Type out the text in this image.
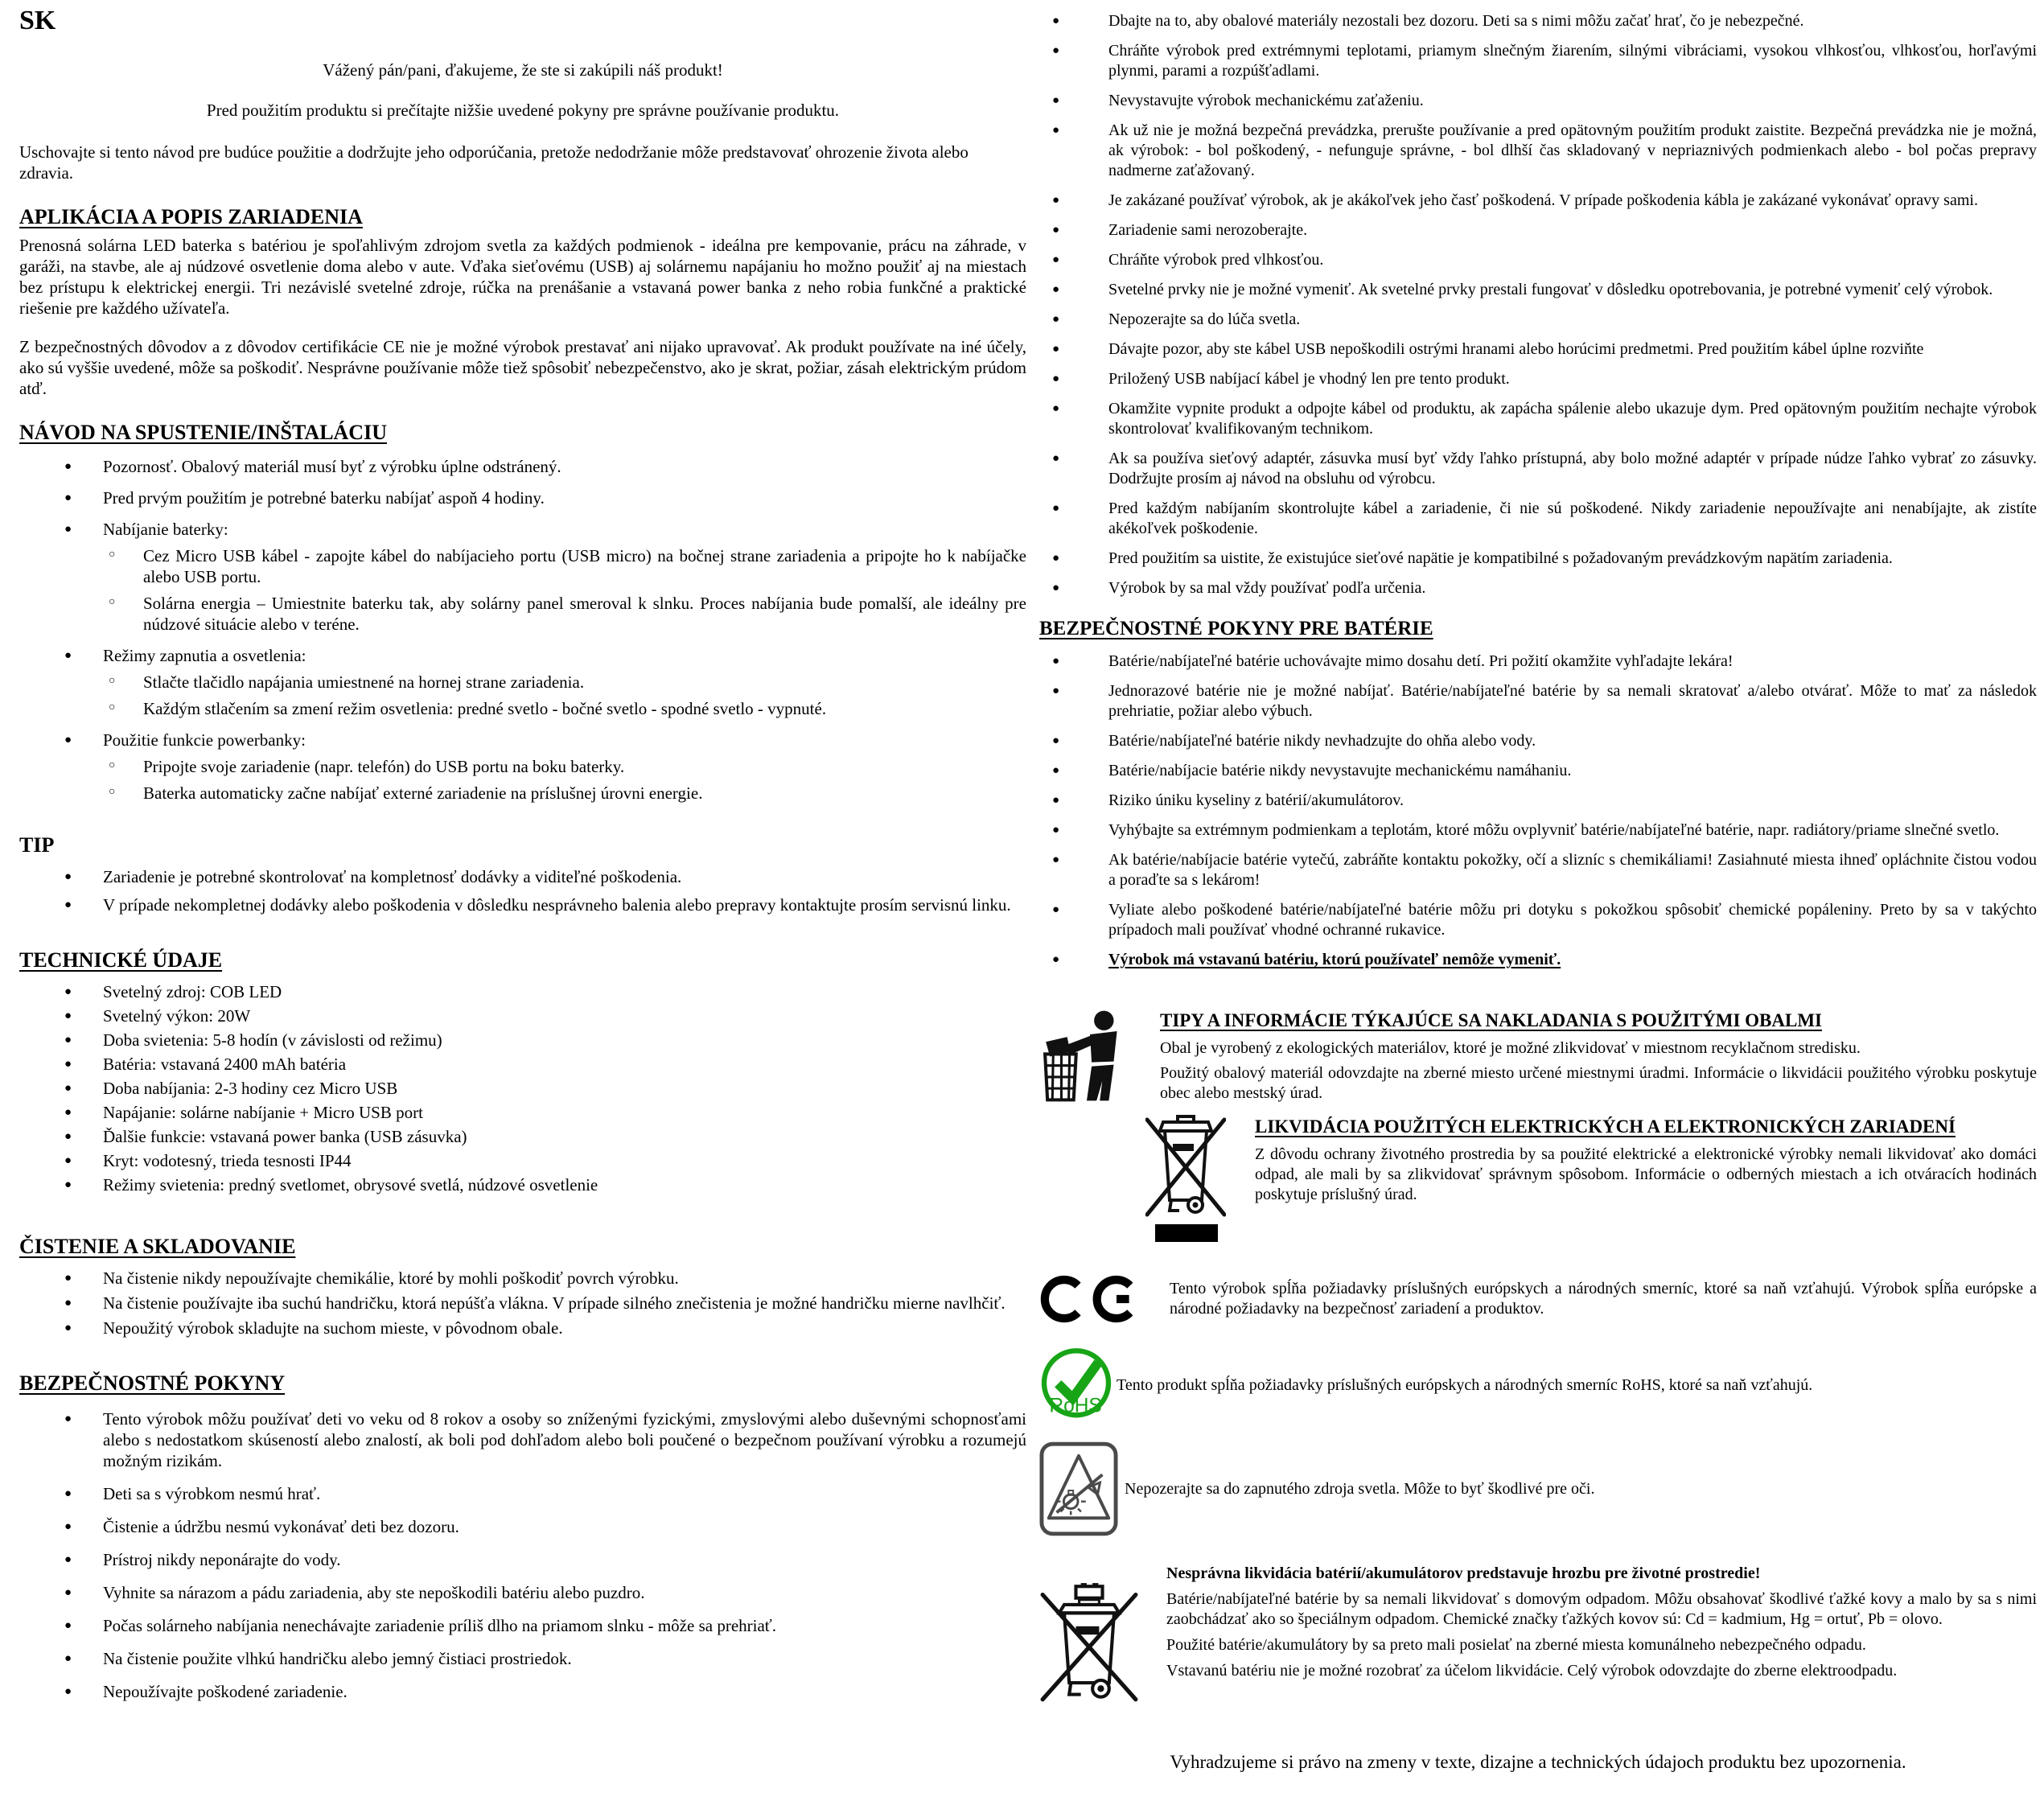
SK

Vážený pán/pani, ďakujeme, že ste si zakúpili náš produkt!

Pred použitím produktu si prečítajte nižšie uvedené pokyny pre správne používanie produktu.

Uschovajte si tento návod pre budúce použitie a dodržujte jeho odporúčania, pretože nedodržanie môže predstavovať ohrozenie života alebo zdravia.

APLIKÁCIA A POPIS ZARIADENIA

Prenosná solárna LED baterka s batériou je spoľahlivým zdrojom svetla za každých podmienok - ideálna pre kempovanie, prácu na záhrade, v garáži, na stavbe, ale aj núdzové osvetlenie doma alebo v aute. Vďaka sieťovému (USB) aj solárnemu napájaniu ho možno použiť aj na miestach bez prístupu k elektrickej energii. Tri nezávislé svetelné zdroje, rúčka na prenášanie a vstavaná power banka z neho robia funkčné a praktické riešenie pre každého užívateľa.

Z bezpečnostných dôvodov a z dôvodov certifikácie CE nie je možné výrobok prestavať ani nijako upravovať. Ak produkt používate na iné účely, ako sú vyššie uvedené, môže sa poškodiť. Nesprávne používanie môže tiež spôsobiť nebezpečenstvo, ako je skrat, požiar, zásah elektrickým prúdom atď.

NÁVOD NA SPUSTENIE/INŠTALÁCIU
● Pozornosť. Obalový materiál musí byť z výrobku úplne odstránený.
● Pred prvým použitím je potrebné baterku nabíjať aspoň 4 hodiny.
● Nabíjanie baterky:
○ Cez Micro USB kábel - zapojte kábel do nabíjacieho portu (USB micro) na bočnej strane zariadenia a pripojte ho k nabíjačke alebo USB portu.
○ Solárna energia – Umiestnite baterku tak, aby solárny panel smeroval k slnku. Proces nabíjania bude pomalší, ale ideálny pre núdzové situácie alebo v teréne.
● Režimy zapnutia a osvetlenia:
○ Stlačte tlačidlo napájania umiestnené na hornej strane zariadenia.
○ Každým stlačením sa zmení režim osvetlenia: predné svetlo - bočné svetlo - spodné svetlo - vypnuté.
● Použitie funkcie powerbanky:
○ Pripojte svoje zariadenie (napr. telefón) do USB portu na boku baterky.
○ Baterka automaticky začne nabíjať externé zariadenie na príslušnej úrovni energie.
TIP
● Zariadenie je potrebné skontrolovať na kompletnosť dodávky a viditeľné poškodenia.
● V prípade nekompletnej dodávky alebo poškodenia v dôsledku nesprávneho balenia alebo prepravy kontaktujte prosím servisnú linku.
TECHNICKÉ ÚDAJE
● Svetelný zdroj: COB LED
● Svetelný výkon: 20W
● Doba svietenia: 5-8 hodín (v závislosti od režimu)
● Batéria: vstavaná 2400 mAh batéria
● Doba nabíjania: 2-3 hodiny cez Micro USB
● Napájanie: solárne nabíjanie + Micro USB port
● Ďalšie funkcie: vstavaná power banka (USB zásuvka)
● Kryt: vodotesný, trieda tesnosti IP44
● Režimy svietenia: predný svetlomet, obrysové svetlá, núdzové osvetlenie
ČISTENIE A SKLADOVANIE
● Na čistenie nikdy nepoužívajte chemikálie, ktoré by mohli poškodiť povrch výrobku.
● Na čistenie používajte iba suchú handričku, ktorá nepúšťa vlákna. V prípade silného znečistenia je možné handričku mierne navlhčiť.
● Nepoužitý výrobok skladujte na suchom mieste, v pôvodnom obale.
BEZPEČNOSTNÉ POKYNY
● Tento výrobok môžu používať deti vo veku od 8 rokov a osoby so zníženými fyzickými, zmyslovými alebo duševnými schopnosťami alebo s nedostatkom skúseností alebo znalostí, ak boli pod dohľadom alebo boli poučené o bezpečnom používaní výrobku a rozumejú možným rizikám.
● Deti sa s výrobkom nesmú hrať.
● Čistenie a údržbu nesmú vykonávať deti bez dozoru.
● Prístroj nikdy neponárajte do vody.
● Vyhnite sa nárazom a pádu zariadenia, aby ste nepoškodili batériu alebo puzdro.
● Počas solárneho nabíjania nenechávajte zariadenie príliš dlho na priamom slnku - môže sa prehriať.
● Na čistenie použite vlhkú handričku alebo jemný čistiaci prostriedok.
● Nepoužívajte poškodené zariadenie.
● Dbajte na to, aby obalové materiály nezostali bez dozoru. Deti sa s nimi môžu začať hrať, čo je nebezpečné.
● Chráňte výrobok pred extrémnymi teplotami, priamym slnečným žiarením, silnými vibráciami, vysokou vlhkosťou, vlhkosťou, horľavými plynmi, parami a rozpúšťadlami.
● Nevystavujte výrobok mechanickému zaťaženiu.
● Ak už nie je možná bezpečná prevádzka, prerušte používanie a pred opätovným použitím produkt zaistite. Bezpečná prevádzka nie je možná, ak výrobok: - bol poškodený, - nefunguje správne, - bol dlhší čas skladovaný v nepriaznivých podmienkach alebo - bol počas prepravy nadmerne zaťažovaný.
● Je zakázané používať výrobok, ak je akákoľvek jeho časť poškodená. V prípade poškodenia kábla je zakázané vykonávať opravy sami.
● Zariadenie sami nerozoberajte.
● Chráňte výrobok pred vlhkosťou.
● Svetelné prvky nie je možné vymeniť. Ak svetelné prvky prestali fungovať v dôsledku opotrebovania, je potrebné vymeniť celý výrobok.
● Nepozerajte sa do lúča svetla.
● Dávajte pozor, aby ste kábel USB nepoškodili ostrými hranami alebo horúcimi predmetmi. Pred použitím kábel úplne rozviňte
● Priložený USB nabíjací kábel je vhodný len pre tento produkt.
● Okamžite vypnite produkt a odpojte kábel od produktu, ak zapácha spálenie alebo ukazuje dym. Pred opätovným použitím nechajte výrobok skontrolovať kvalifikovaným technikom.
● Ak sa používa sieťový adaptér, zásuvka musí byť vždy ľahko prístupná, aby bolo možné adaptér v prípade núdze ľahko vybrať zo zásuvky. Dodržujte prosím aj návod na obsluhu od výrobcu.
● Pred každým nabíjaním skontrolujte kábel a zariadenie, či nie sú poškodené. Nikdy zariadenie nepoužívajte ani nenabíjajte, ak zistíte akékoľvek poškodenie.
● Pred použitím sa uistite, že existujúce sieťové napätie je kompatibilné s požadovaným prevádzkovým napätím zariadenia.
● Výrobok by sa mal vždy používať podľa určenia.
BEZPEČNOSTNÉ POKYNY PRE BATÉRIE
● Batérie/nabíjateľné batérie uchovávajte mimo dosahu detí. Pri požití okamžite vyhľadajte lekára!
● Jednorazové batérie nie je možné nabíjať. Batérie/nabíjateľné batérie by sa nemali skratovať a/alebo otvárať. Môže to mať za následok prehriatie, požiar alebo výbuch.
● Batérie/nabíjateľné batérie nikdy nevhadzujte do ohňa alebo vody.
● Batérie/nabíjacie batérie nikdy nevystavujte mechanickému namáhaniu.
● Riziko úniku kyseliny z batérií/akumulátorov.
● Vyhýbajte sa extrémnym podmienkam a teplotám, ktoré môžu ovplyvniť batérie/nabíjateľné batérie, napr. radiátory/priame slnečné svetlo.
● Ak batérie/nabíjacie batérie vytečú, zabráňte kontaktu pokožky, očí a slizníc s chemikáliami! Zasiahnuté miesta ihneď opláchnite čistou vodou a poraďte sa s lekárom!
● Vyliate alebo poškodené batérie/nabíjateľné batérie môžu pri dotyku s pokožkou spôsobiť chemické popáleniny. Preto by sa v takýchto prípadoch mali používať vhodné ochranné rukavice.
● Výrobok má vstavanú batériu, ktorú používateľ nemôže vymeniť.
TIPY A INFORMÁCIE TÝKAJÚCE SA NAKLADANIA S POUŽITÝMI OBALMI

Obal je vyrobený z ekologických materiálov, ktoré je možné zlikvidovať v miestnom recyklačnom stredisku.

Použitý obalový materiál odovzdajte na zberné miesto určené miestnymi úradmi. Informácie o likvidácii použitého výrobku poskytuje obec alebo mestský úrad.

LIKVIDÁCIA POUŽITÝCH ELEKTRICKÝCH A ELEKTRONICKÝCH ZARIADENÍ

Z dôvodu ochrany životného prostredia by sa použité elektrické a elektronické výrobky nemali likvidovať ako domáci odpad, ale mali by sa zlikvidovať správnym spôsobom. Informácie o odberných miestach a ich otváracích hodinách poskytuje príslušný úrad.

Tento výrobok spĺňa požiadavky príslušných európskych a národných smerníc, ktoré sa naň vzťahujú. Výrobok spĺňa európske a národné požiadavky na bezpečnosť zariadení a produktov.

RoHS

Tento produkt spĺňa požiadavky príslušných európskych a národných smerníc RoHS, ktoré sa naň vzťahujú.

Nepozerajte sa do zapnutého zdroja svetla. Môže to byť škodlivé pre oči.

Nesprávna likvidácia batérií/akumulátorov predstavuje hrozbu pre životné prostredie!

Batérie/nabíjateľné batérie by sa nemali likvidovať s domovým odpadom. Môžu obsahovať škodlivé ťažké kovy a malo by sa s nimi zaobchádzať ako so špeciálnym odpadom. Chemické značky ťažkých kovov sú: Cd = kadmium, Hg = ortuť, Pb = olovo.

Použité batérie/akumulátory by sa preto mali posielať na zberné miesta komunálneho nebezpečného odpadu.

Vstavanú batériu nie je možné rozobrať za účelom likvidácie. Celý výrobok odovzdajte do zberne elektroodpadu.

Vyhradzujeme si právo na zmeny v texte, dizajne a technických údajoch produktu bez upozornenia.
